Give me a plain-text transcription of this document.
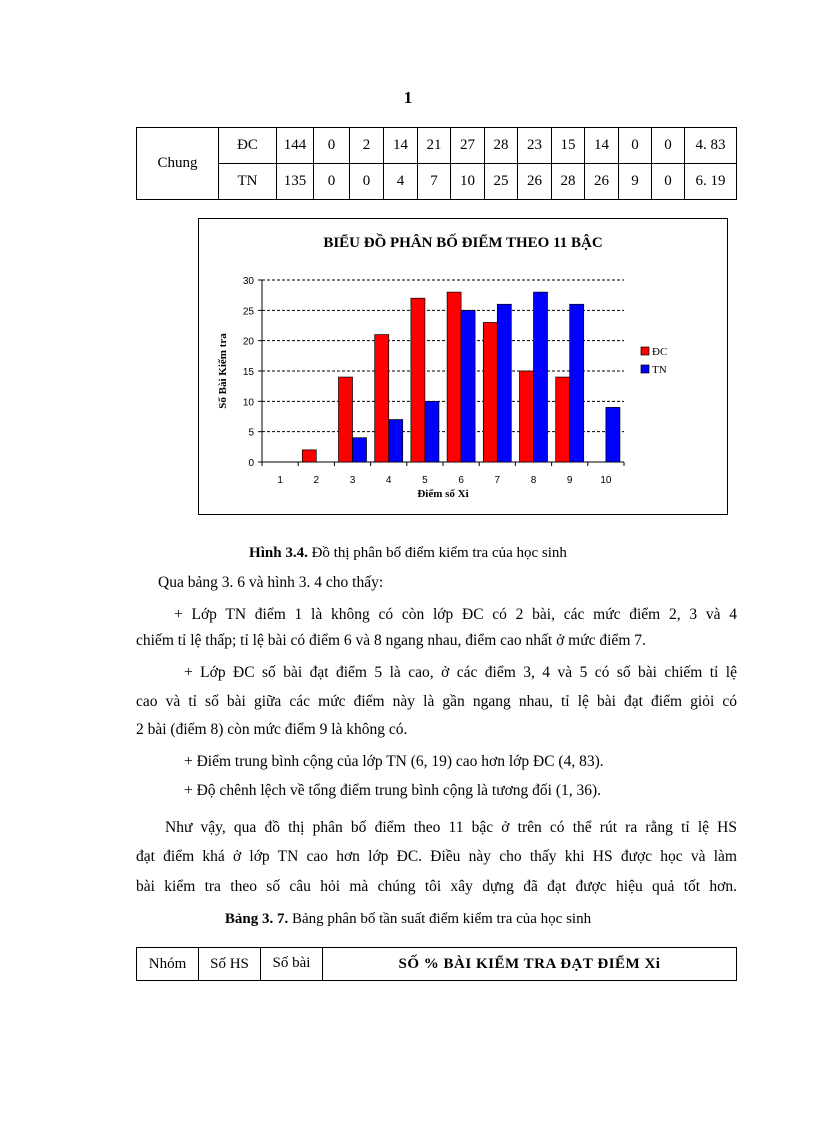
1
Chung	ĐC	144	0	2	14	21	27	28	23	15	14	0	0	4. 83
	TN	135	0	0	4	7	10	25	26	28	26	9	0	6. 19
BIỂU ĐỒ PHÂN BỐ ĐIỂM THEO 11 BẬC
0
5
10
15
20
25
30
1	2	3	4	5	6	7	8	9	10
Điểm số Xi
Số Bài Kiểm tra	ĐC
TN
Hình 3.4. Đồ thị phân bố điểm kiểm tra của học sinh
Qua bảng 3. 6 và hình 3. 4 cho thấy:
+ Lớp TN điểm 1 là không có còn lớp ĐC có 2 bài, các mức điểm 2, 3 và 4
chiếm tỉ lệ thấp; tỉ lệ bài có điểm 6 và 8 ngang nhau, điểm cao nhất ở mức điểm 7.
+ Lớp ĐC số bài đạt điểm 5 là cao, ở các điểm 3, 4 và 5 có số bài chiếm tỉ lệ
cao và tỉ số bài giữa các mức điểm này là gần ngang nhau, tỉ lệ bài đạt điểm giỏi có
2 bài (điểm 8) còn mức điểm 9 là không có.
+ Điểm trung bình cộng của lớp TN (6, 19) cao hơn lớp ĐC (4, 83).
+ Độ chênh lệch về tổng điểm trung bình cộng là tương đối (1, 36).
Như vậy, qua đồ thị phân bố điểm theo 11 bậc ở trên có thể rút ra rằng tỉ lệ HS
đạt điểm khá ở lớp TN cao hơn lớp ĐC. Điều này cho thấy khi HS được học và làm
bài kiểm tra theo số câu hỏi mà chúng tôi xây dựng đã đạt được hiệu quả tốt hơn.
Bảng 3. 7. Bảng phân bố tần suất điểm kiểm tra của học sinh
Nhóm	Số HS	Số bài	SỐ % BÀI KIỂM TRA ĐẠT ĐIỂM Xi
